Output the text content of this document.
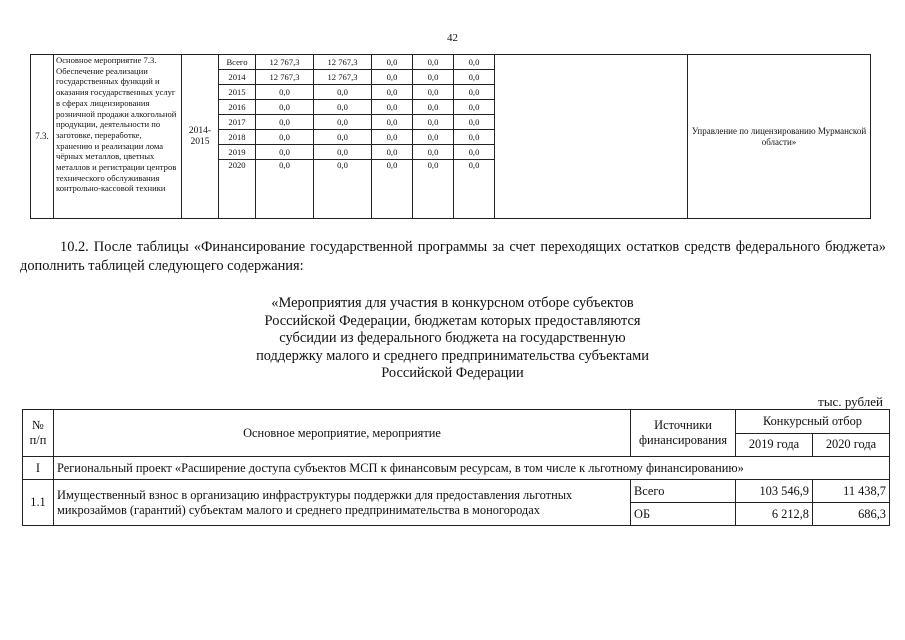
42
7.3.	Основное мероприятие 7.3. Обеспечение реализации государственных функций и оказания государственных услуг в сферах лицензирования розничной продажи алкогольной продукции, деятельности по заготовке, переработке, хранению и реализации лома чёрных металлов, цветных металлов и регистрации центров технического обслуживания контрольно-кассовой техники	2014-2015	Всего	12 767,3	12 767,3	0,0	0,0	0,0		Управление по лицензированию Мурманской области»
			2014	12 767,3	12 767,3	0,0	0,0	0,0		
			2015	0,0	0,0	0,0	0,0	0,0		
			2016	0,0	0,0	0,0	0,0	0,0		
			2017	0,0	0,0	0,0	0,0	0,0		
			2018	0,0	0,0	0,0	0,0	0,0		
			2019	0,0	0,0	0,0	0,0	0,0		
			2020	0,0	0,0	0,0	0,0	0,0		
10.2. После таблицы «Финансирование государственной программы за счет переходящих остатков средств федерального бюджета» дополнить таблицей следующего содержания:
«Мероприятия для участия в конкурсном отборе субъектов
Российской Федерации, бюджетам которых предоставляются
субсидии из федерального бюджета на государственную
поддержку малого и среднего предпринимательства субъектами
Российской Федерации
тыс. рублей
№ п/п	Основное мероприятие, мероприятие	Источники финансирования	Конкурсный отбор	
			2019 года	2020 года
I	Региональный проект «Расширение доступа субъектов МСП к финансовым ресурсам, в том числе к льготному финансированию»			
1.1	Имущественный взнос в организацию инфраструктуры поддержки для предоставления льготных микрозаймов (гарантий) субъектам малого и среднего предпринимательства в моногородах	Всего	103 546,9	11 438,7
		ОБ	6 212,8	686,3
